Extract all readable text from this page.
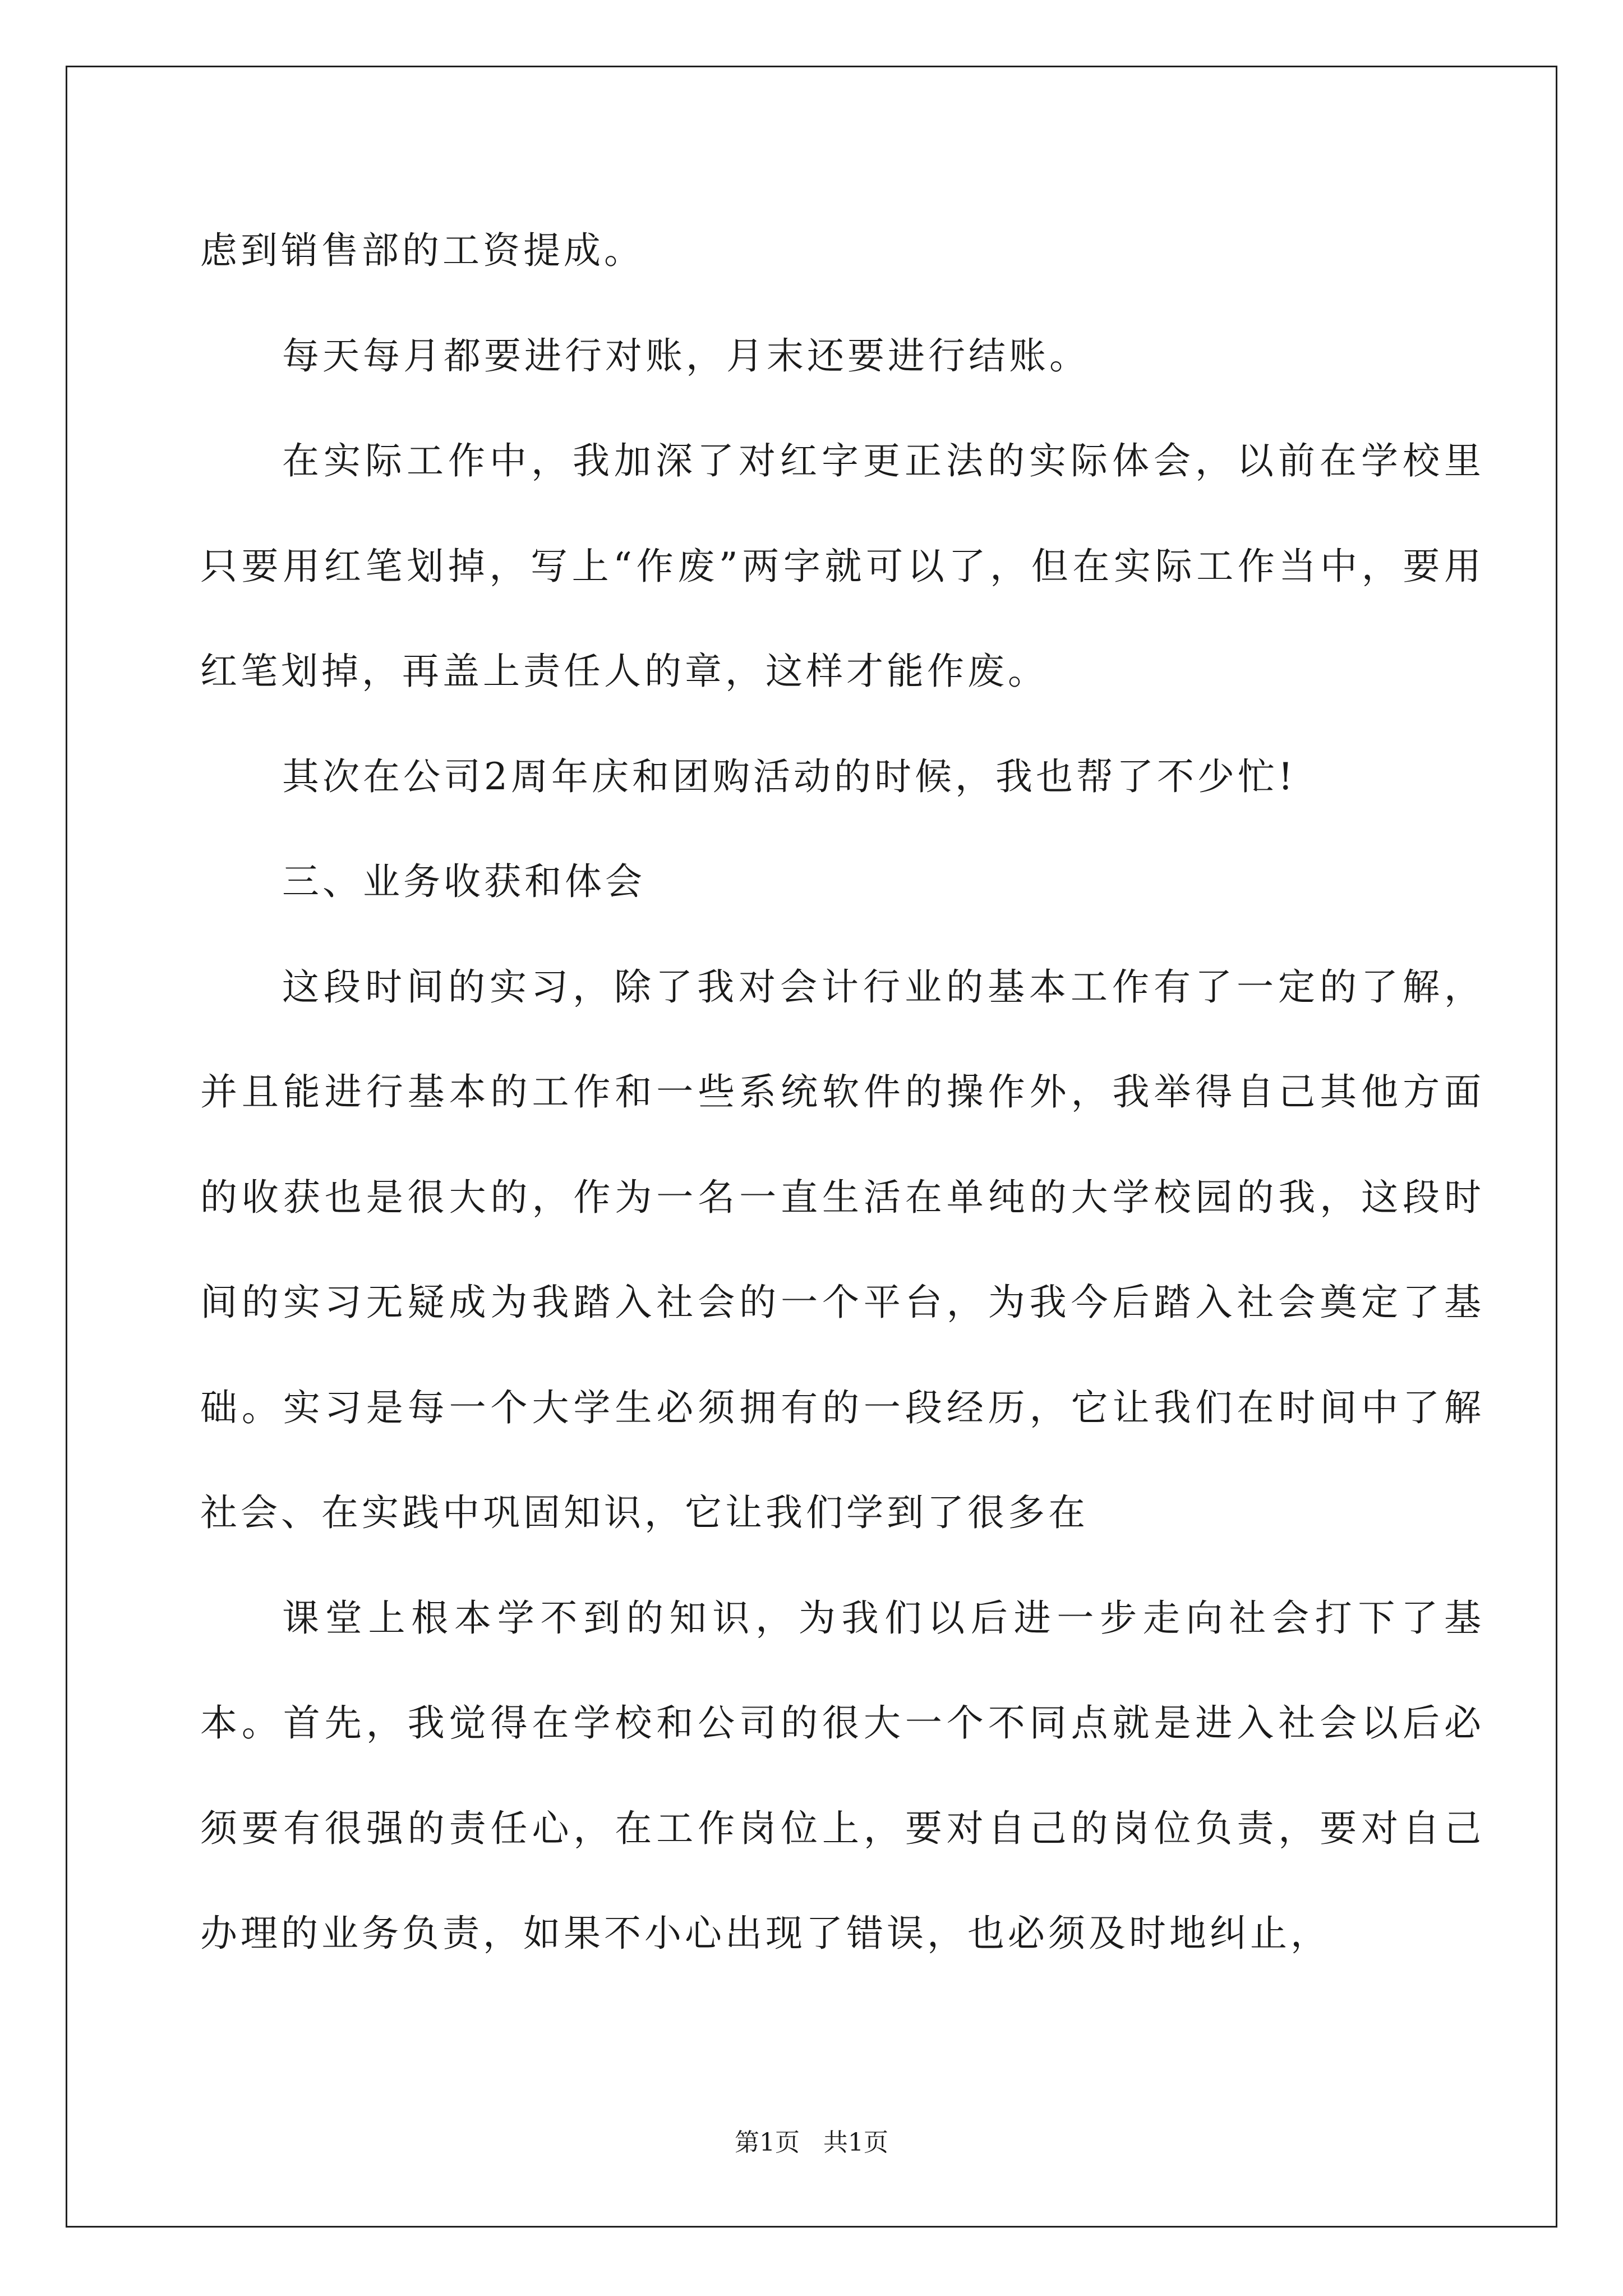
虑到销售部的工资提成。

每天每月都要进行对账，月末还要进行结账。

在实际工作中，我加深了对红字更正法的实际体会，以前在学校里只要用红笔划掉，写上“作废”两字就可以了，但在实际工作当中，要用红笔划掉，再盖上责任人的章，这样才能作废。

其次在公司2周年庆和团购活动的时候，我也帮了不少忙!

三、业务收获和体会

这段时间的实习，除了我对会计行业的基本工作有了一定的了解，并且能进行基本的工作和一些系统软件的操作外，我举得自己其他方面的收获也是很大的，作为一名一直生活在单纯的大学校园的我，这段时间的实习无疑成为我踏入社会的一个平台，为我今后踏入社会奠定了基础。实习是每一个大学生必须拥有的一段经历，它让我们在时间中了解社会、在实践中巩固知识，它让我们学到了很多在

课堂上根本学不到的知识，为我们以后进一步走向社会打下了基本。首先，我觉得在学校和公司的很大一个不同点就是进入社会以后必须要有很强的责任心，在工作岗位上，要对自己的岗位负责，要对自己办理的业务负责，如果不小心出现了错误，也必须及时地纠止，

第1页 共1页
